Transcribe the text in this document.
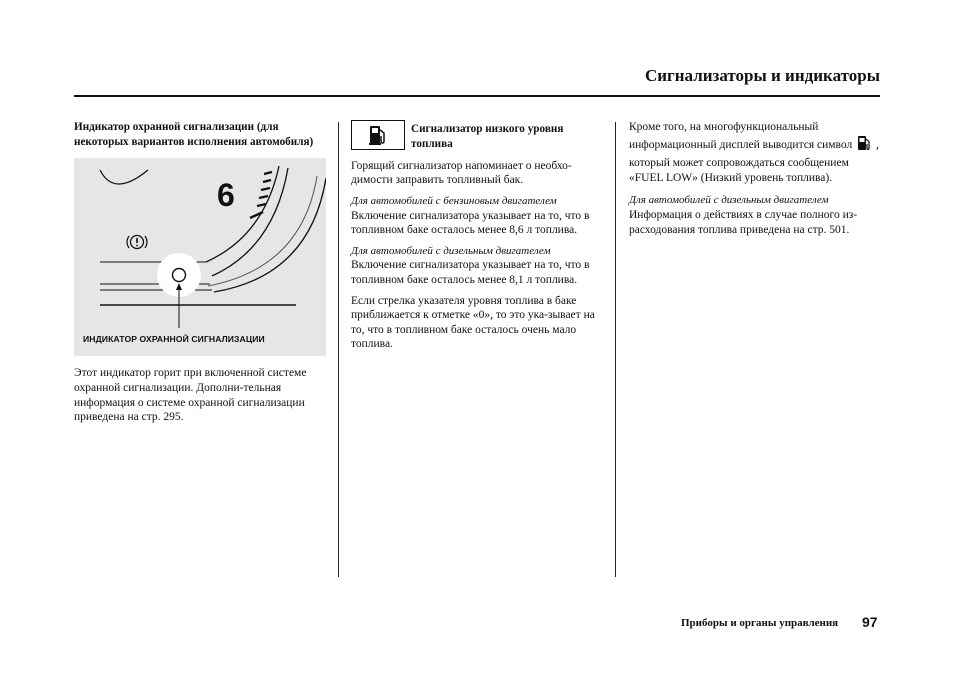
Сигнализаторы и индикаторы
Индикатор охранной сигнализации (для некоторых вариантов исполнения автомобиля)
6
ИНДИКАТОР ОХРАННОЙ СИГНАЛИЗАЦИИ

Этот индикатор горит при включенной системе охранной сигнализации. Дополни-тельная информация о системе охранной сигнализации приведена на стр. 295.

Сигнализатор низкого уровня топлива

Горящий сигнализатор напоминает о необхо-димости заправить топливный бак.

Для автомобилей с бензиновым двигателем
Включение сигнализатора указывает на то, что в топливном баке осталось менее 8,6 л топлива.
Для автомобилей с дизельным двигателем
Включение сигнализатора указывает на то, что в топливном баке осталось менее 8,1 л топлива.

Если стрелка указателя уровня топлива в баке приближается к отметке «0», то это ука-зывает на то, что в топливном баке осталось очень мало топлива.

Кроме того, на многофункциональный информационный дисплей выводится символ , который может сопровождаться сообщением «FUEL LOW» (Низкий уровень топлива).
Для автомобилей с дизельным двигателем
Информация о действиях в случае полного из-расходования топлива приведена на стр. 501.
Приборы и органы управления 97
